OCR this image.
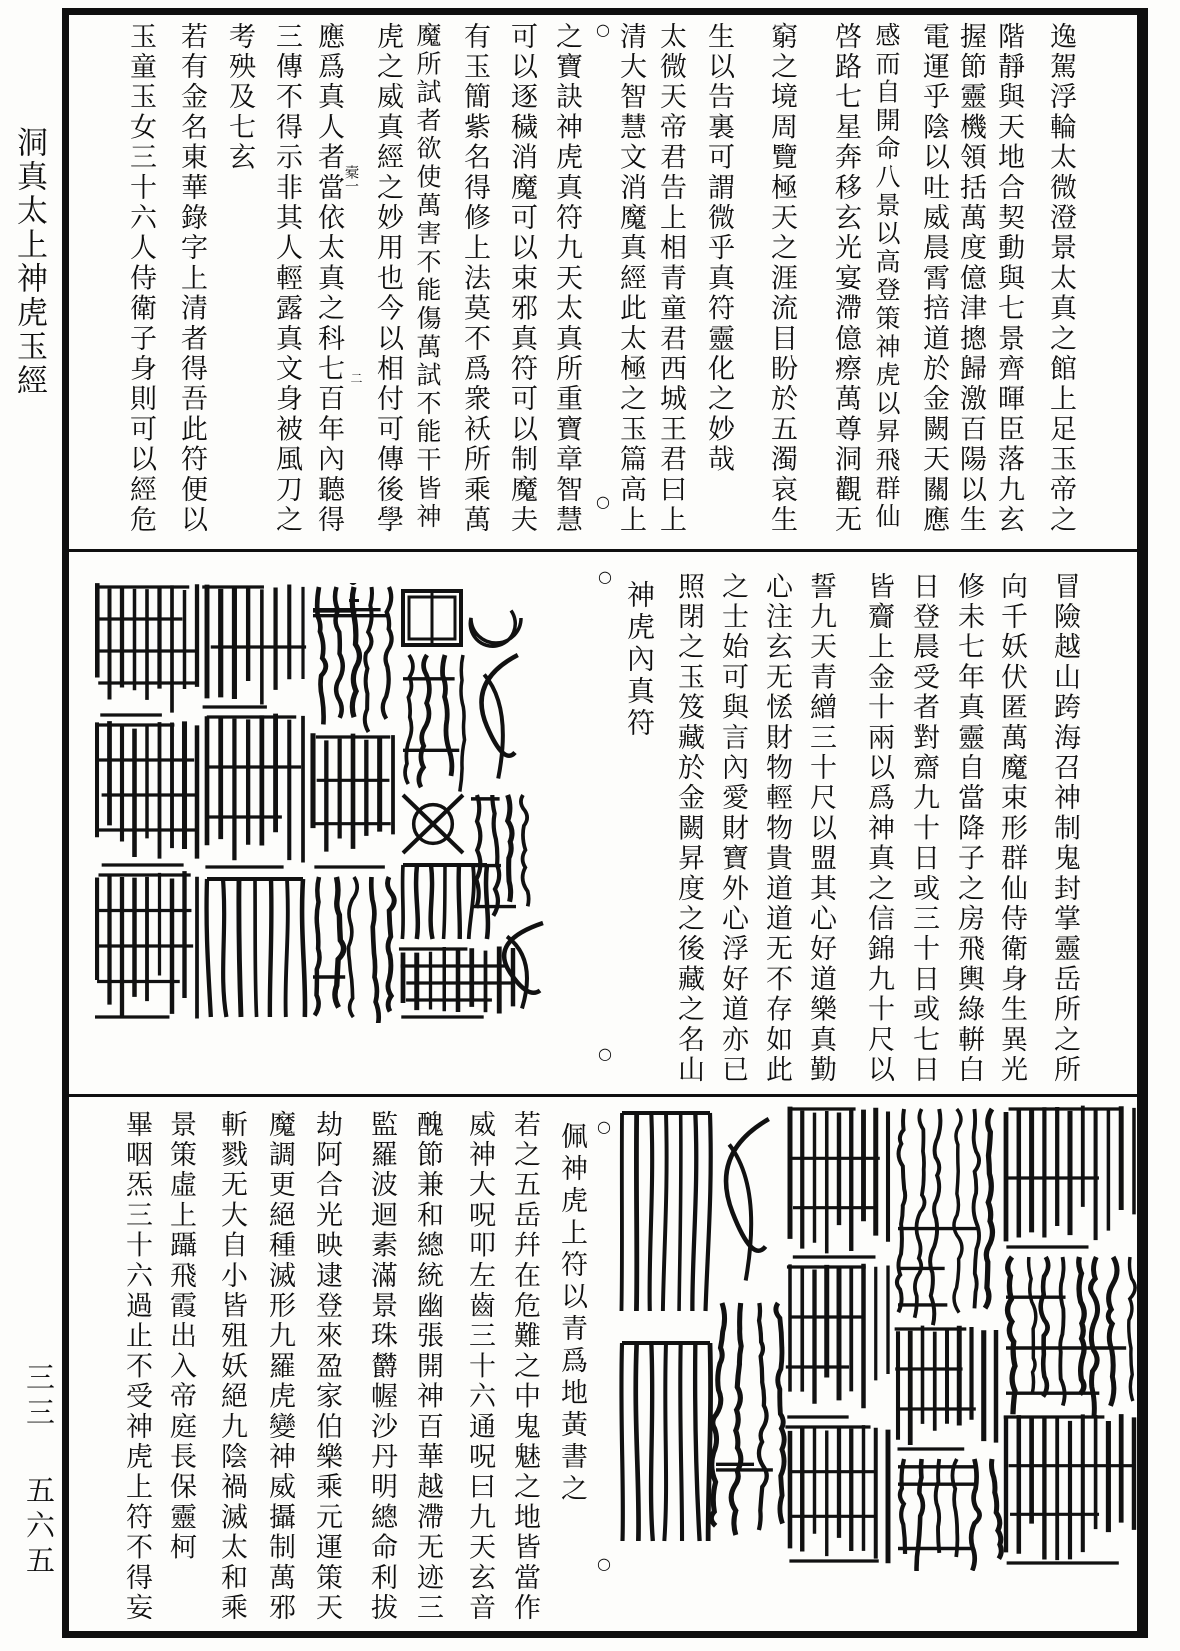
洞真太上神虎玉經
三三
五六五
逸駕浮輪太微澄景太真之館上足玉帝之
階靜與天地合契動與七景齊暉臣落九玄
握節靈機領括萬度億津摠歸激百陽以生
電運乎陰以吐威晨霄掊道於金闕天關應
感而自開命八景以高登策神虎以昇飛群仙
啓路七星奔移玄光宴滯億瘵萬尊洞觀无
窮之境周覽極天之涯流目盼於五濁哀生
生以告裏可謂微乎真符靈化之妙哉
太微天帝君告上相青童君西城王君曰上
清大智慧文消魔真經此太極之玉篇高上
○
○
之寶訣神虎真符九天太真所重寶章智慧
可以逐穢消魔可以束邪真符可以制魔夫
有玉簡紫名得修上法莫不爲衆袄所乘萬
魔所試者欲使萬害不能傷萬試不能干皆神
虎之威真經之妙用也今以相付可傳後學
應爲真人者當依太真之科七百年內聽得
三傳不得示非其人輕露真文身被風刀之
考殃及七玄
若有金名東華錄字上清者得吾此符便以
玉童玉女三十六人侍衛子身則可以經危	槖一
二
冒險越山跨海召神制鬼封掌靈岳所之所
向千妖伏匿萬魔束形群仙侍衛身生異光
修未七年真靈自當降子之房飛輿綠輧白
日登晨受者對齋九十日或三十日或七日
皆齎上金十兩以爲神真之信錦九十尺以
誓九天青繒三十尺以盟其心好道樂真勤
心注玄无恡財物輕物貴道道无不存如此
之士始可與言內愛財寶外心浮好道亦已
照閉之玉笈藏於金闕昇度之後藏之名山
神虎內真符
○
○
○
○
佩神虎上符以青爲地黃書之
若之五岳幷在危難之中鬼魅之地皆當作
威神大呪叩左齒三十六通呪曰九天玄音
醜節兼和總統幽張開神百華越滯无迹三
監羅波迴素滿景珠欝幄沙丹明總命利拔
劫阿合光映逮登來盈家伯樂乘元運策天
魔調更絕種滅形九羅虎變神威攝制萬邪
斬戮无大自小皆殂妖絕九陰禍滅太和乘
景策虛上躡飛霞出入帝庭長保靈柯
畢咽炁三十六過止不受神虎上符不得妄
